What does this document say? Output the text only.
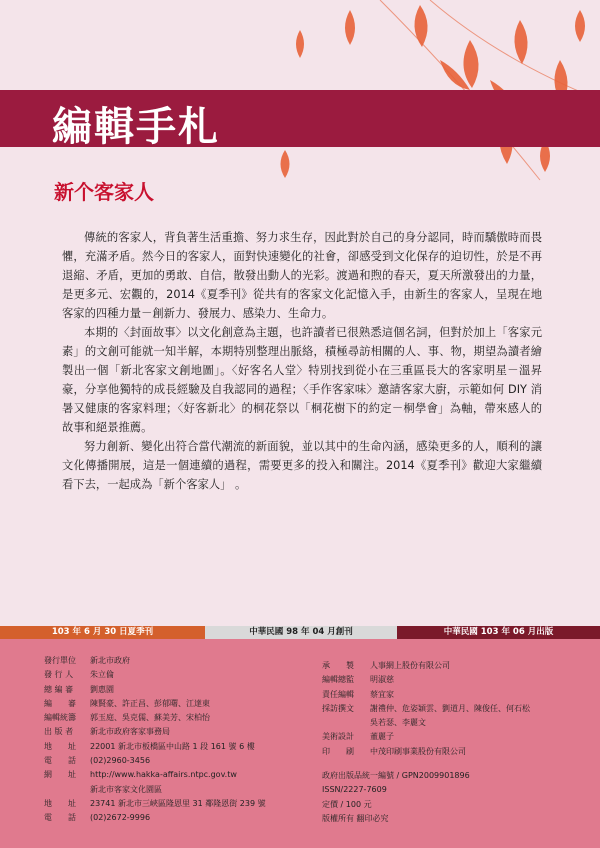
編輯手札
新个客家人

傳統的客家人，背負著生活重擔、努力求生存，因此對於自己的身分認同，時而驕傲時而畏懼，充滿矛盾。然今日的客家人，面對快速變化的社會，卻感受到文化保存的迫切性，於是不再退縮、矛盾，更加的勇敢、自信，散發出動人的光彩。渡過和煦的春天，夏天所激發出的力量，是更多元、宏觀的，2014《夏季刊》從共有的客家文化記憶入手，由新生的客家人，呈現在地客家的四種力量－創新力、發展力、感染力、生命力。

本期的〈封面故事〉以文化創意為主題，也許讀者已很熟悉這個名詞，但對於加上「客家元素」的文創可能就一知半解，本期特別整理出脈絡，積極尋訪相關的人、事、物，期望為讀者繪製出一個「新北客家文創地圖」。〈好客名人堂〉特別找到從小在三重區長大的客家明星－溫昇豪，分享他獨特的成長經驗及自我認同的過程；〈手作客家味〉邀請客家大廚，示範如何 DIY 消暑又健康的客家料理；〈好客新北〉的桐花祭以「桐花樹下的約定－桐學會」為軸，帶來感人的故事和絕景推薦。

努力創新、變化出符合當代潮流的新面貌，並以其中的生命內涵，感染更多的人，順利的讓文化傳播開展，這是一個連續的過程，需要更多的投入和關注。2014《夏季刊》歡迎大家繼續看下去，一起成為「新个客家人」 。

103 年 6 月 30 日夏季刊	中華民國 98 年 04 月創刊	中華民國 103 年 06 月出版
發行單位	新北市政府
發 行 人	朱立倫
總 編 審	劉惠園
編　　審	陳賢豪、許正昌、彭郁曙、江達東
編輯統籌	郭玉庭、吳克儒、蘇美芳、宋柏怡
出 版 者	新北市政府客家事務局
地　　址	22001 新北市板橋區中山路 1 段 161 號 6 樓
電　　話	(02)2960-3456
網　　址	http://www.hakka-affairs.ntpc.gov.tw
新北市客家文化園區
地　　址	23741 新北市三峽區隆恩里 31 鄰隆恩街 239 號
電　　話	(02)2672-9996
承　　製	人事網上股份有限公司
編輯總監	明淑慈
責任編輯	蔡宜家
採訪撰文	謝禮仲、危姿穎雲、劉道月、陳俊任、何石松
吳若瑟、李麗文
美術設計	董麗子
印　　刷	中茂印刷事業股份有限公司
政府出版品統一編號 / GPN2009901896
ISSN/2227-7609
定價 / 100 元
版權所有 翻印必究
